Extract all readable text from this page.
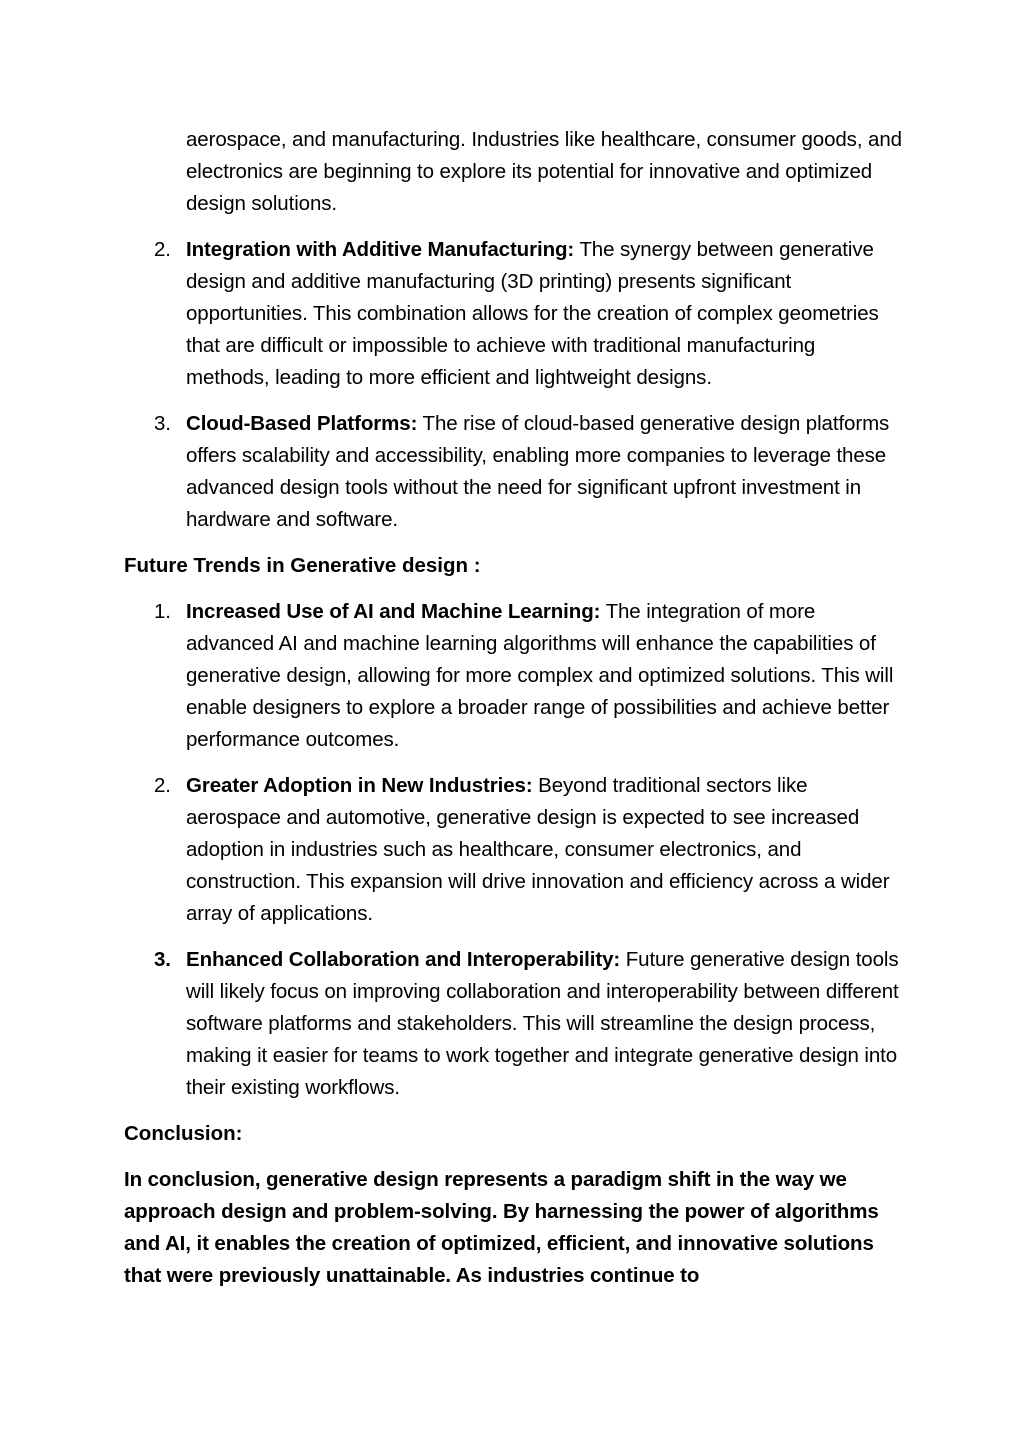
aerospace, and manufacturing. Industries like healthcare, consumer goods, and electronics are beginning to explore its potential for innovative and optimized design solutions.

2. Integration with Additive Manufacturing: The synergy between generative design and additive manufacturing (3D printing) presents significant opportunities. This combination allows for the creation of complex geometries that are difficult or impossible to achieve with traditional manufacturing methods, leading to more efficient and lightweight designs.
3. Cloud-Based Platforms: The rise of cloud-based generative design platforms offers scalability and accessibility, enabling more companies to leverage these advanced design tools without the need for significant upfront investment in hardware and software.
Future Trends in Generative design :
1. Increased Use of AI and Machine Learning: The integration of more advanced AI and machine learning algorithms will enhance the capabilities of generative design, allowing for more complex and optimized solutions. This will enable designers to explore a broader range of possibilities and achieve better performance outcomes.
2. Greater Adoption in New Industries: Beyond traditional sectors like aerospace and automotive, generative design is expected to see increased adoption in industries such as healthcare, consumer electronics, and construction. This expansion will drive innovation and efficiency across a wider array of applications.
3. Enhanced Collaboration and Interoperability: Future generative design tools will likely focus on improving collaboration and interoperability between different software platforms and stakeholders. This will streamline the design process, making it easier for teams to work together and integrate generative design into their existing workflows.
Conclusion:

In conclusion, generative design represents a paradigm shift in the way we approach design and problem-solving. By harnessing the power of algorithms and AI, it enables the creation of optimized, efficient, and innovative solutions that were previously unattainable. As industries continue to
